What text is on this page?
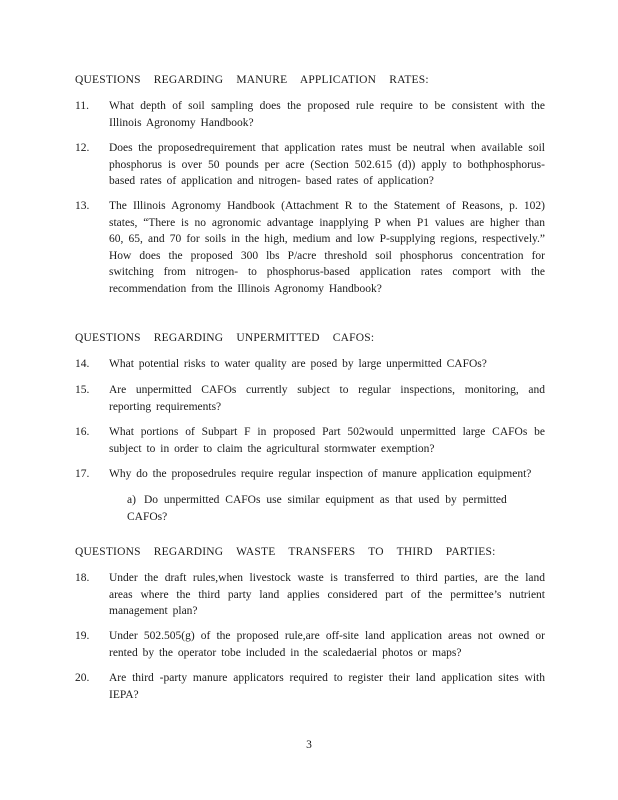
QUESTIONS REGARDING MANURE APPLICATION RATES:
11.	What depth of soil sampling does the proposed rule require to be consistent with the Illinois Agronomy Handbook?
12.	Does the proposedrequirement that application rates must be neutral when available soil phosphorus is over 50 pounds per acre (Section 502.615 (d)) apply to bothphosphorus-based rates of application and nitrogen- based rates of application?
13.	The Illinois Agronomy Handbook (Attachment R to the Statement of Reasons, p. 102) states, “There is no agronomic advantage inapplying P when P1 values are higher than 60, 65, and 70 for soils in the high, medium and low P-supplying regions, respectively.” How does the proposed 300 lbs P/acre threshold soil phosphorus concentration for switching from nitrogen- to phosphorus-based application rates comport with the recommendation from the Illinois Agronomy Handbook?
QUESTIONS REGARDING UNPERMITTED CAFOS:
14.	What potential risks to water quality are posed by large unpermitted CAFOs?
15.	Are unpermitted CAFOs currently subject to regular inspections, monitoring, and reporting requirements?
16.	What portions of Subpart F in proposed Part 502would unpermitted large CAFOs be subject to in order to claim the agricultural stormwater exemption?
17.	Why do the proposedrules require regular inspection of manure application equipment?
a) Do unpermitted CAFOs use similar equipment as that used by permitted CAFOs?
QUESTIONS REGARDING WASTE TRANSFERS TO THIRD PARTIES:
18.	Under the draft rules,when livestock waste is transferred to third parties, are the land areas where the third party land applies considered part of the permittee’s nutrient management plan?
19.	Under 502.505(g) of the proposed rule,are off-site land application areas not owned or rented by the operator tobe included in the scaledaerial photos or maps?
20.	Are third -party manure applicators required to register their land application sites with IEPA?
3
